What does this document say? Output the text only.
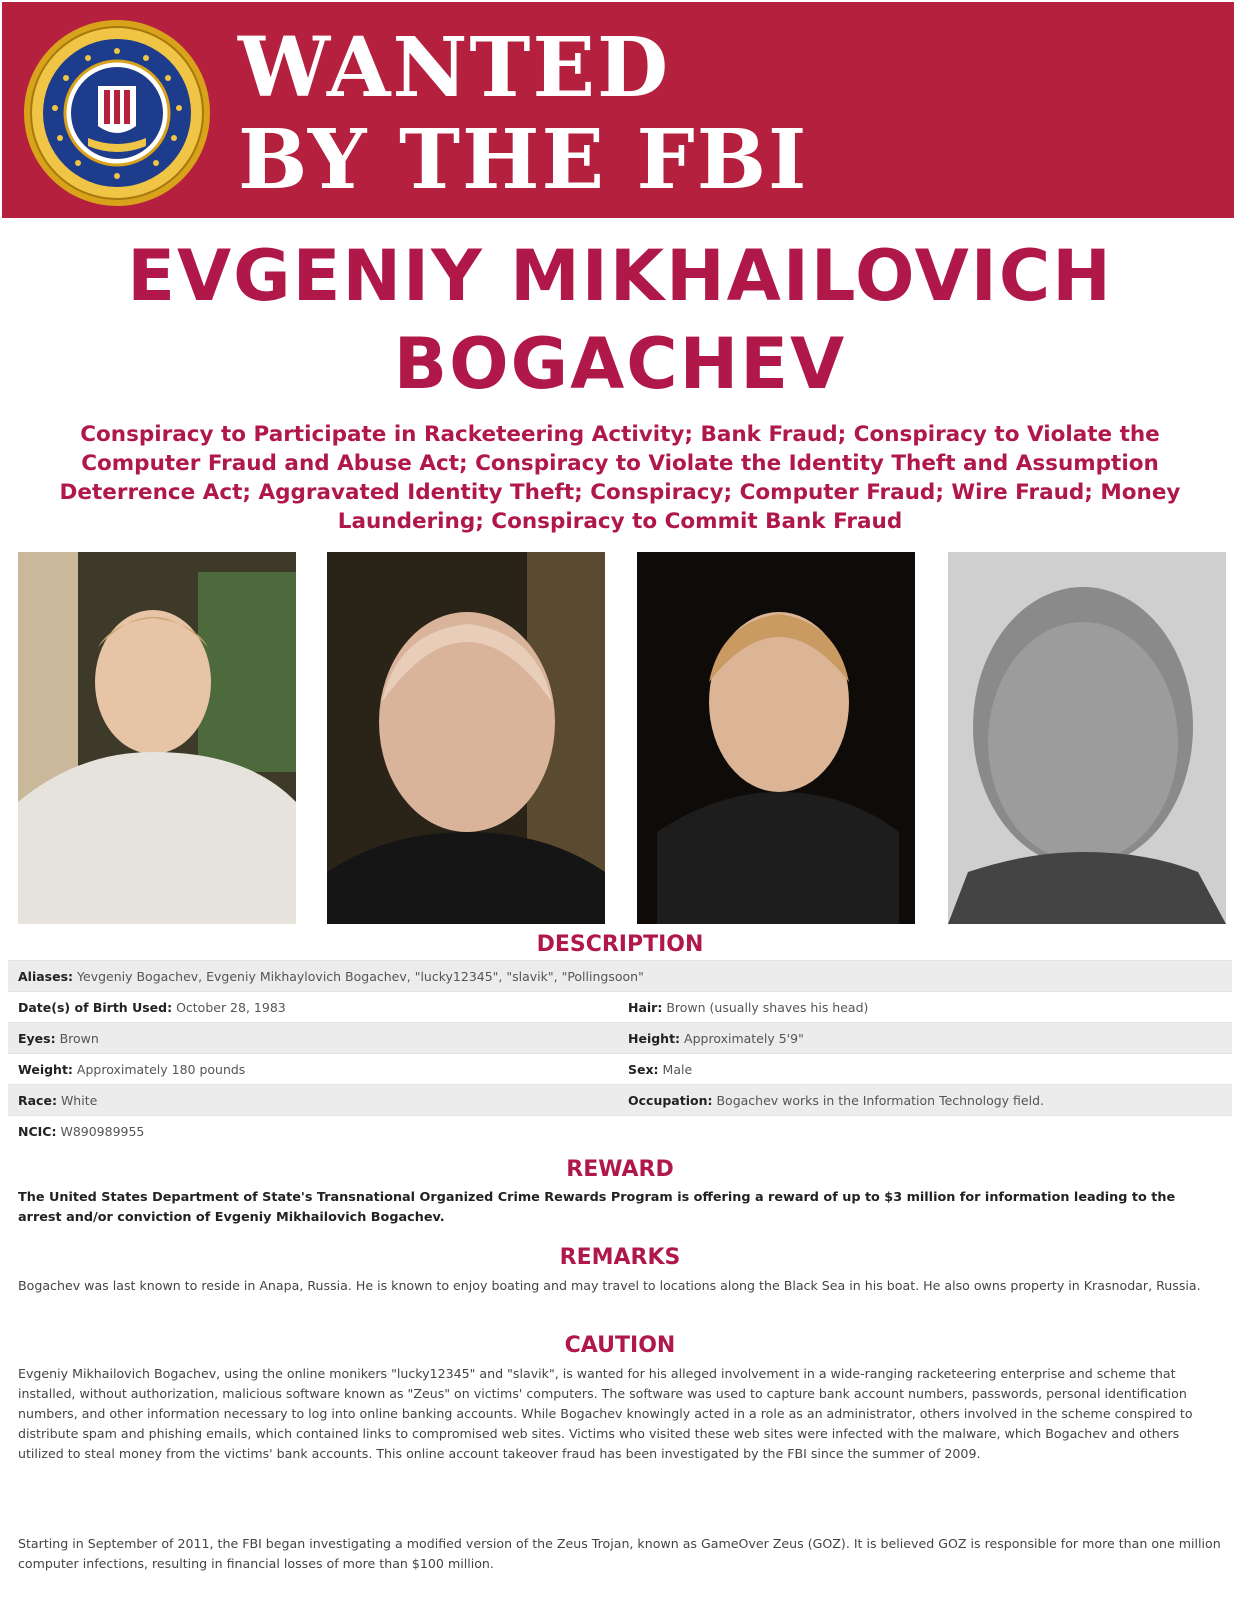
WANTED
BY THE FBI
EVGENIY MIKHAILOVICH
BOGACHEV

Conspiracy to Participate in Racketeering Activity; Bank Fraud; Conspiracy to Violate the Computer Fraud and Abuse Act; Conspiracy to Violate the Identity Theft and Assumption Deterrence Act; Aggravated Identity Theft; Conspiracy; Computer Fraud; Wire Fraud; Money Laundering; Conspiracy to Commit Bank Fraud

DESCRIPTION
Aliases: Yevgeniy Bogachev, Evgeniy Mikhaylovich Bogachev, "lucky12345", "slavik", "Pollingsoon"	
Date(s) of Birth Used: October 28, 1983	Hair: Brown (usually shaves his head)
Eyes: Brown	Height: Approximately 5'9"
Weight: Approximately 180 pounds	Sex: Male
Race: White	Occupation: Bogachev works in the Information Technology field.
NCIC: W890989955	
REWARD

The United States Department of State's Transnational Organized Crime Rewards Program is offering a reward of up to $3 million for information leading to the arrest and/or conviction of Evgeniy Mikhailovich Bogachev.

REMARKS

Bogachev was last known to reside in Anapa, Russia. He is known to enjoy boating and may travel to locations along the Black Sea in his boat. He also owns property in Krasnodar, Russia.

CAUTION

Evgeniy Mikhailovich Bogachev, using the online monikers "lucky12345" and "slavik", is wanted for his alleged involvement in a wide-ranging racketeering enterprise and scheme that installed, without authorization, malicious software known as "Zeus" on victims' computers. The software was used to capture bank account numbers, passwords, personal identification numbers, and other information necessary to log into online banking accounts. While Bogachev knowingly acted in a role as an administrator, others involved in the scheme conspired to distribute spam and phishing emails, which contained links to compromised web sites. Victims who visited these web sites were infected with the malware, which Bogachev and others utilized to steal money from the victims' bank accounts. This online account takeover fraud has been investigated by the FBI since the summer of 2009.

Starting in September of 2011, the FBI began investigating a modified version of the Zeus Trojan, known as GameOver Zeus (GOZ). It is believed GOZ is responsible for more than one million computer infections, resulting in financial losses of more than $100 million.
